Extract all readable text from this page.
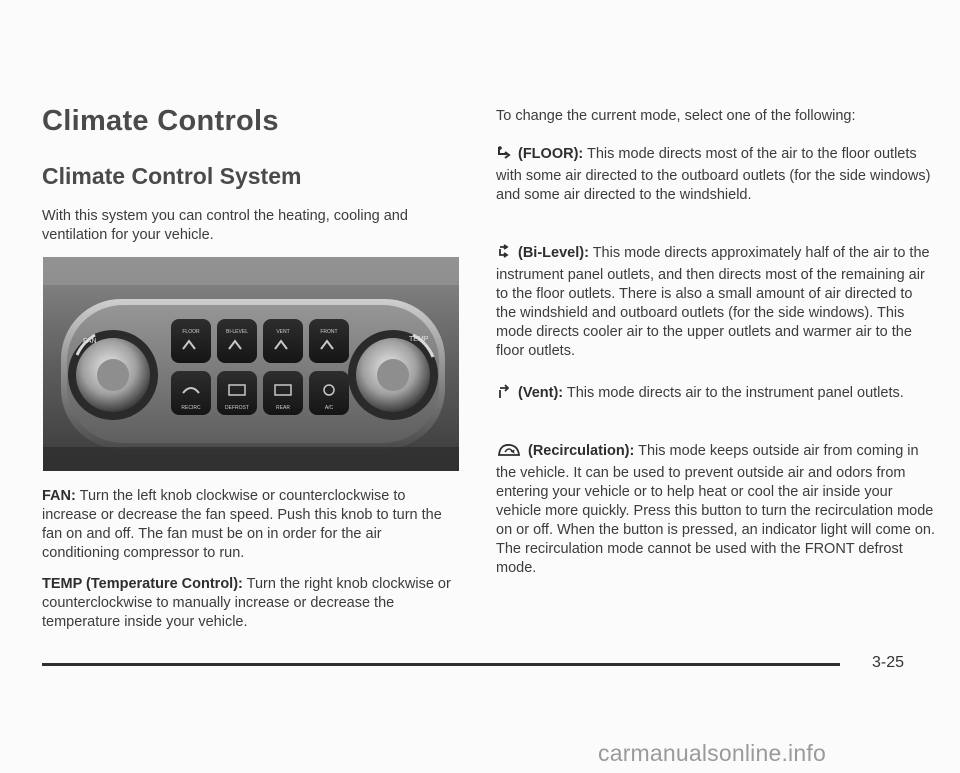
Climate Controls
Climate Control System

With this system you can control the heating, cooling and ventilation for your vehicle.

FAN	TEMP
FLOOR	BI-LEVEL	VENT	FRONT
RECIRC	DEFROST	REAR	A/C

FAN: Turn the left knob clockwise or counterclockwise to increase or decrease the fan speed. Push this knob to turn the fan on and off. The fan must be on in order for the air conditioning compressor to run.

TEMP (Temperature Control): Turn the right knob clockwise or counterclockwise to manually increase or decrease the temperature inside your vehicle.

To change the current mode, select one of the following:

(FLOOR): This mode directs most of the air to the floor outlets with some air directed to the outboard outlets (for the side windows) and some air directed to the windshield.

(Bi-Level): This mode directs approximately half of the air to the instrument panel outlets, and then directs most of the remaining air to the floor outlets. There is also a small amount of air directed to the windshield and outboard outlets (for the side windows). This mode directs cooler air to the upper outlets and warmer air to the floor outlets.

(Vent): This mode directs air to the instrument panel outlets.

(Recirculation): This mode keeps outside air from coming in the vehicle. It can be used to prevent outside air and odors from entering your vehicle or to help heat or cool the air inside your vehicle more quickly. Press this button to turn the recirculation mode on or off. When the button is pressed, an indicator light will come on. The recirculation mode cannot be used with the FRONT defrost mode.

3-25
carmanualsonline.info
